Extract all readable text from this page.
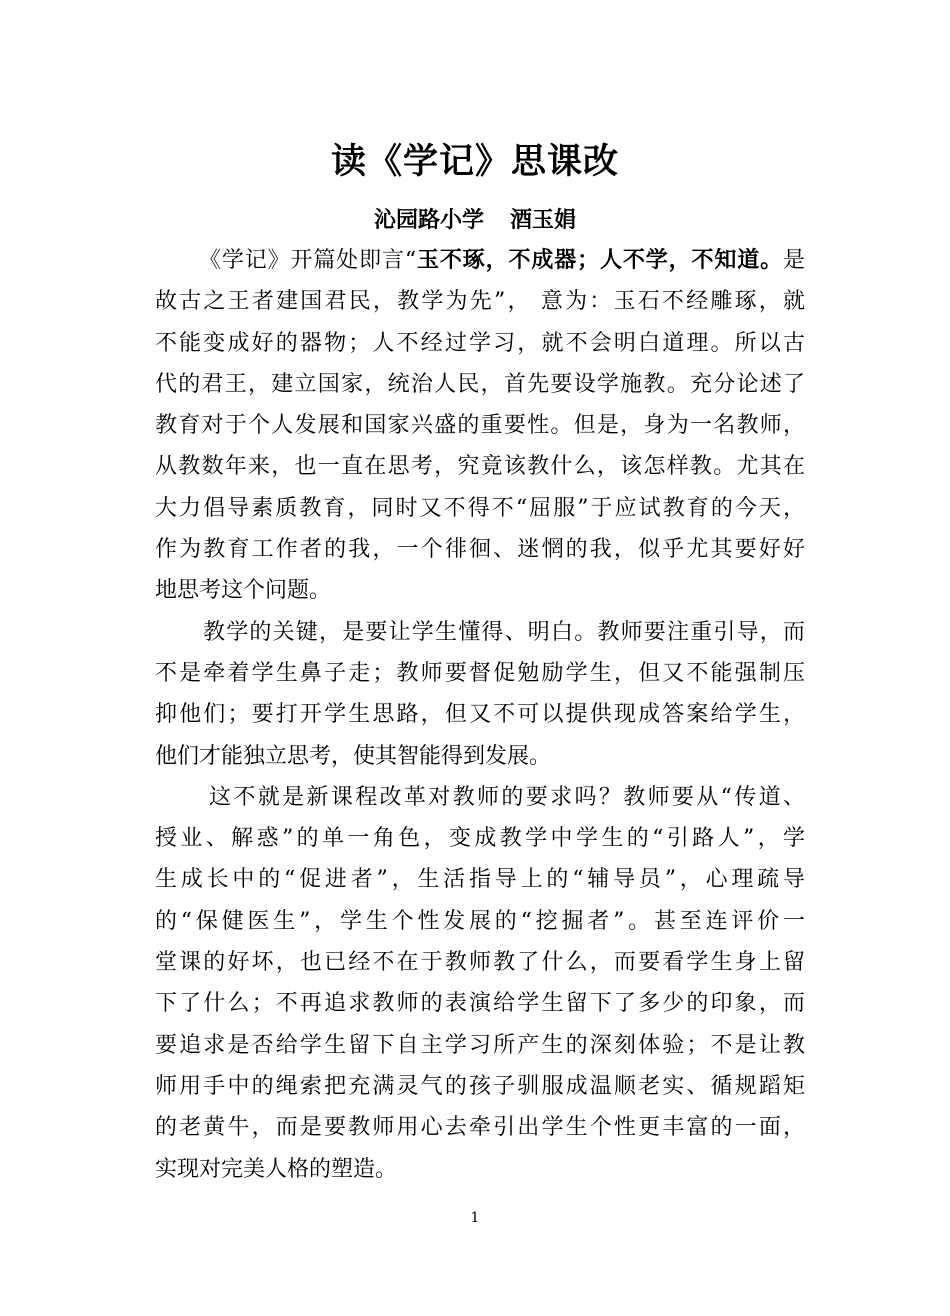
读《学记》思课改
沁园路小学 酒玉娟
《学记》开篇处即言“玉不琢，不成器；人不学，不知道。是
故古之王者建国君民，教学为先”， 意为：玉石不经雕琢，就
不能变成好的器物；人不经过学习，就不会明白道理。所以古
代的君王，建立国家，统治人民，首先要设学施教。充分论述了
教育对于个人发展和国家兴盛的重要性。但是，身为一名教师，
从教数年来，也一直在思考，究竟该教什么，该怎样教。尤其在
大力倡导素质教育，同时又不得不“屈服”于应试教育的今天，
作为教育工作者的我，一个徘徊、迷惘的我，似乎尤其要好好
地思考这个问题。
教学的关键，是要让学生懂得、明白。教师要注重引导，而
不是牵着学生鼻子走；教师要督促勉励学生，但又不能强制压
抑他们；要打开学生思路，但又不可以提供现成答案给学生，
他们才能独立思考，使其智能得到发展。
这不就是新课程改革对教师的要求吗？教师要从“传道、
授业、解惑”的单一角色，变成教学中学生的“引路人”，学
生成长中的“促进者”，生活指导上的“辅导员”，心理疏导
的“保健医生”，学生个性发展的“挖掘者”。甚至连评价一
堂课的好坏，也已经不在于教师教了什么，而要看学生身上留
下了什么；不再追求教师的表演给学生留下了多少的印象，而
要追求是否给学生留下自主学习所产生的深刻体验；不是让教
师用手中的绳索把充满灵气的孩子驯服成温顺老实、循规蹈矩
的老黄牛，而是要教师用心去牵引出学生个性更丰富的一面，
实现对完美人格的塑造。
1
